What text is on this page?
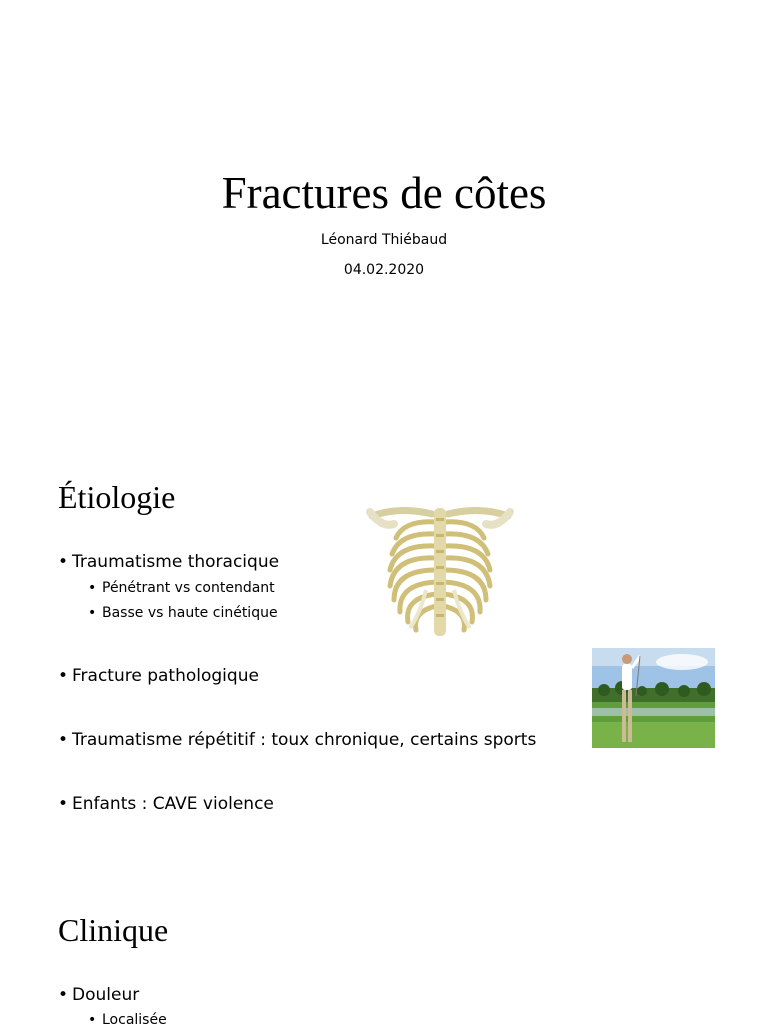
Fractures de côtes
Léonard Thiébaud
04.02.2020
Étiologie
• Traumatisme thoracique
• Pénétrant vs contendant
• Basse vs haute cinétique
• Fracture pathologique
• Traumatisme répétitif : toux chronique, certains sports
• Enfants : CAVE violence
Clinique
• Douleur
• Localisée
